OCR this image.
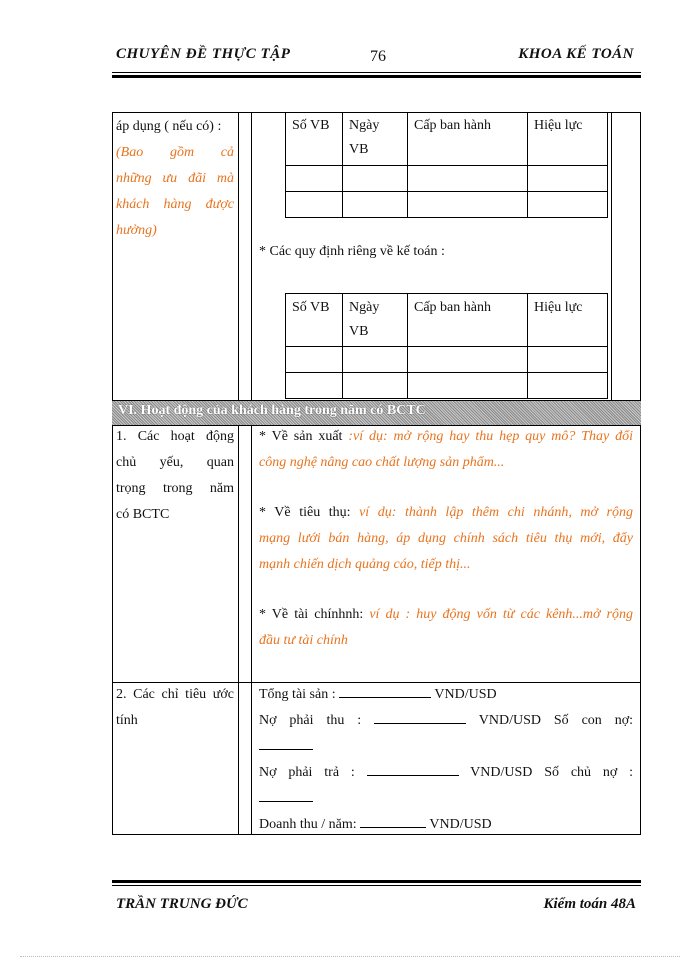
CHUYÊN ĐỀ THỰC TẬP	76	KHOA KẾ TOÁN
áp dụng ( nếu có) :
(Bao gồm cả
những ưu đãi mà
khách hàng được
hưởng)
Số VB	Ngày VB	Cấp ban hành	Hiệu lực

* Các quy định riêng về kế toán :
Số VB	Ngày VB	Cấp ban hành	Hiệu lực

VI. Hoạt động của khách hàng trong năm có BCTC
1. Các hoạt động
chủ yếu, quan
trọng trong năm
có BCTC
* Về sản xuất :ví dụ: mở rộng hay thu hẹp quy mô? Thay đổi
công nghệ nâng cao chất lượng sản phẩm...
* Về tiêu thụ: ví dụ: thành lập thêm chi nhánh, mở rộng
mạng lưới bán hàng, áp dụng chính sách tiêu thụ mới, đẩy
mạnh chiến dịch quảng cáo, tiếp thị...
* Về tài chínhnh: ví dụ : huy động vốn từ các kênh...mở rộng
đầu tư tài chính
2. Các chỉ tiêu ước
tính
Tổng tài sản :	VND/USD
Nợ phải thu :	VND/USD Số con nợ:
Nợ phải trả :	VND/USD Số chủ nợ :
Doanh thu / năm:	VND/USD
TRẦN TRUNG ĐỨC	Kiểm toán 48A
